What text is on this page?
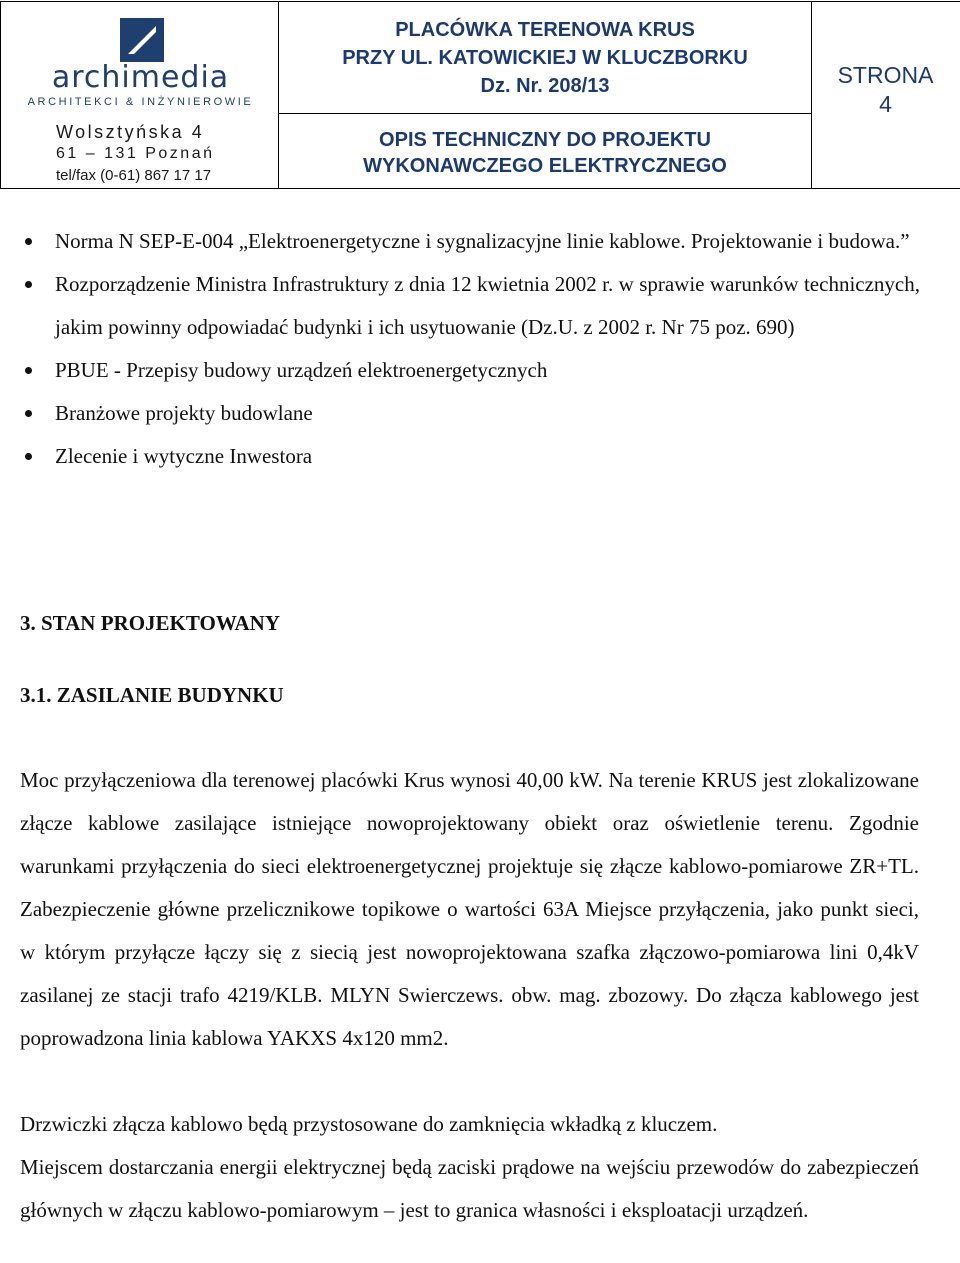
archimedia
ARCHITEKCI & INŻYNIEROWIE
Wolsztyńska 4
61 – 131 Poznań
tel/fax (0-61) 867 17 17
PLACÓWKA TERENOWA KRUS
PRZY UL. KATOWICKIEJ W KLUCZBORKU
Dz. Nr. 208/13
OPIS TECHNICZNY DO PROJEKTU
WYKONAWCZEGO ELEKTRYCZNEGO
STRONA
4
Norma N SEP-E-004 „Elektroenergetyczne i sygnalizacyjne linie kablowe. Projektowanie i budowa.”
Rozporządzenie Ministra Infrastruktury z dnia 12 kwietnia 2002 r. w sprawie warunków technicznych, jakim powinny odpowiadać budynki i ich usytuowanie (Dz.U. z 2002 r. Nr 75 poz. 690)
PBUE - Przepisy budowy urządzeń elektroenergetycznych
Branżowe projekty budowlane
Zlecenie i wytyczne Inwestora
3. STAN PROJEKTOWANY
3.1. ZASILANIE BUDYNKU

Moc przyłączeniowa dla terenowej placówki Krus wynosi 40,00 kW. Na terenie KRUS jest zlokalizowane złącze kablowe zasilające istniejące nowoprojektowany obiekt oraz oświetlenie terenu. Zgodnie warunkami przyłączenia do sieci elektroenergetycznej projektuje się złącze kablowo-pomiarowe ZR+TL. Zabezpieczenie główne przelicznikowe topikowe o wartości 63A Miejsce przyłączenia, jako punkt sieci, w którym przyłącze łączy się z siecią jest nowoprojektowana szafka złączowo-pomiarowa lini 0,4kV zasilanej ze stacji trafo 4219/KLB. MLYN Swierczews. obw. mag. zbozowy. Do złącza kablowego jest poprowadzona linia kablowa YAKXS 4x120 mm2.

Drzwiczki złącza kablowo będą przystosowane do zamknięcia wkładką z kluczem.

Miejscem dostarczania energii elektrycznej będą zaciski prądowe na wejściu przewodów do zabezpieczeń głównych w złączu kablowo-pomiarowym – jest to granica własności i eksploatacji urządzeń.
